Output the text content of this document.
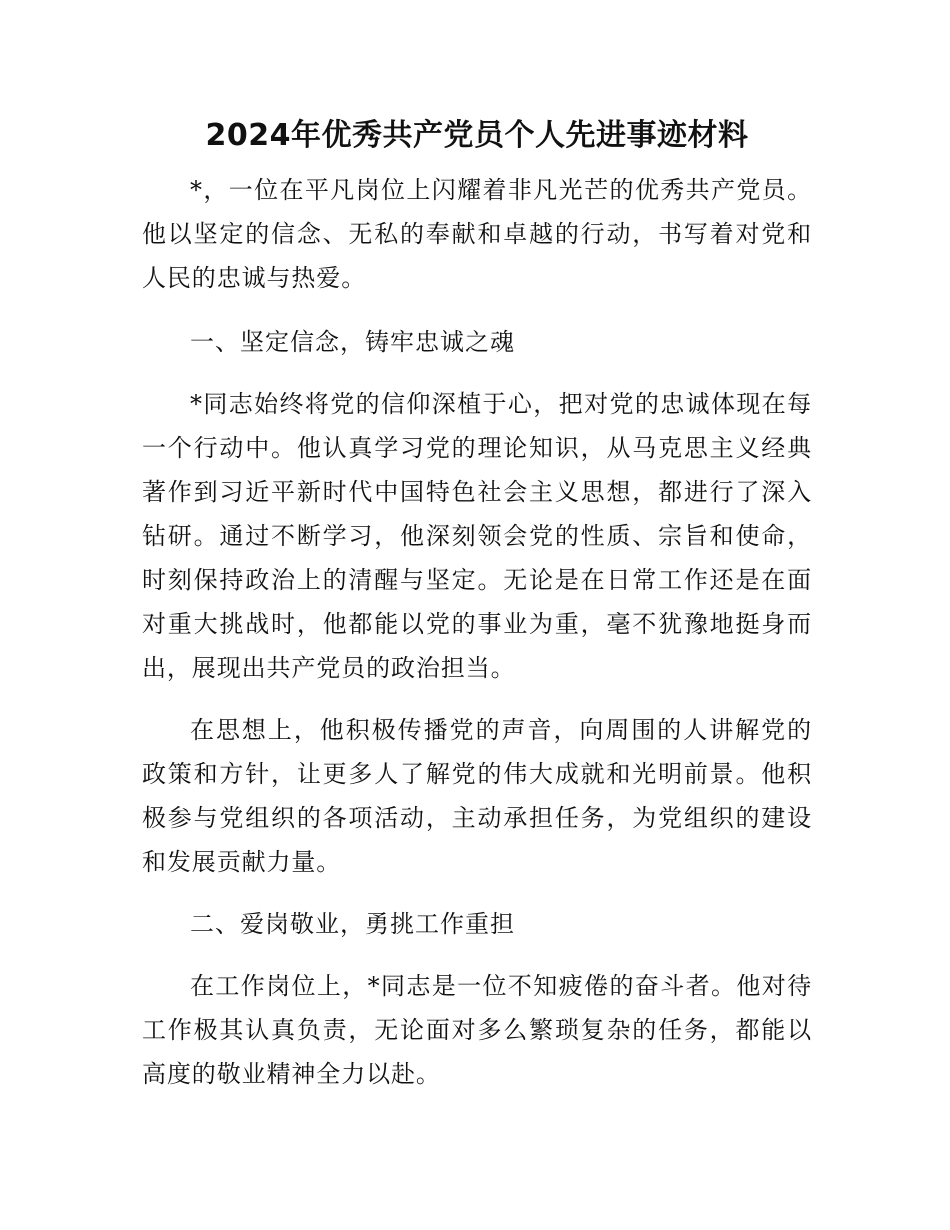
2024年优秀共产党员个人先进事迹材料

*，一位在平凡岗位上闪耀着非凡光芒的优秀共产党员。他以坚定的信念、无私的奉献和卓越的行动，书写着对党和人民的忠诚与热爱。

一、坚定信念，铸牢忠诚之魂

*同志始终将党的信仰深植于心，把对党的忠诚体现在每一个行动中。他认真学习党的理论知识，从马克思主义经典著作到习近平新时代中国特色社会主义思想，都进行了深入钻研。通过不断学习，他深刻领会党的性质、宗旨和使命，时刻保持政治上的清醒与坚定。无论是在日常工作还是在面对重大挑战时，他都能以党的事业为重，毫不犹豫地挺身而出，展现出共产党员的政治担当。

在思想上，他积极传播党的声音，向周围的人讲解党的政策和方针，让更多人了解党的伟大成就和光明前景。他积极参与党组织的各项活动，主动承担任务，为党组织的建设和发展贡献力量。

二、爱岗敬业，勇挑工作重担

在工作岗位上，*同志是一位不知疲倦的奋斗者。他对待工作极其认真负责，无论面对多么繁琐复杂的任务，都能以高度的敬业精神全力以赴。
